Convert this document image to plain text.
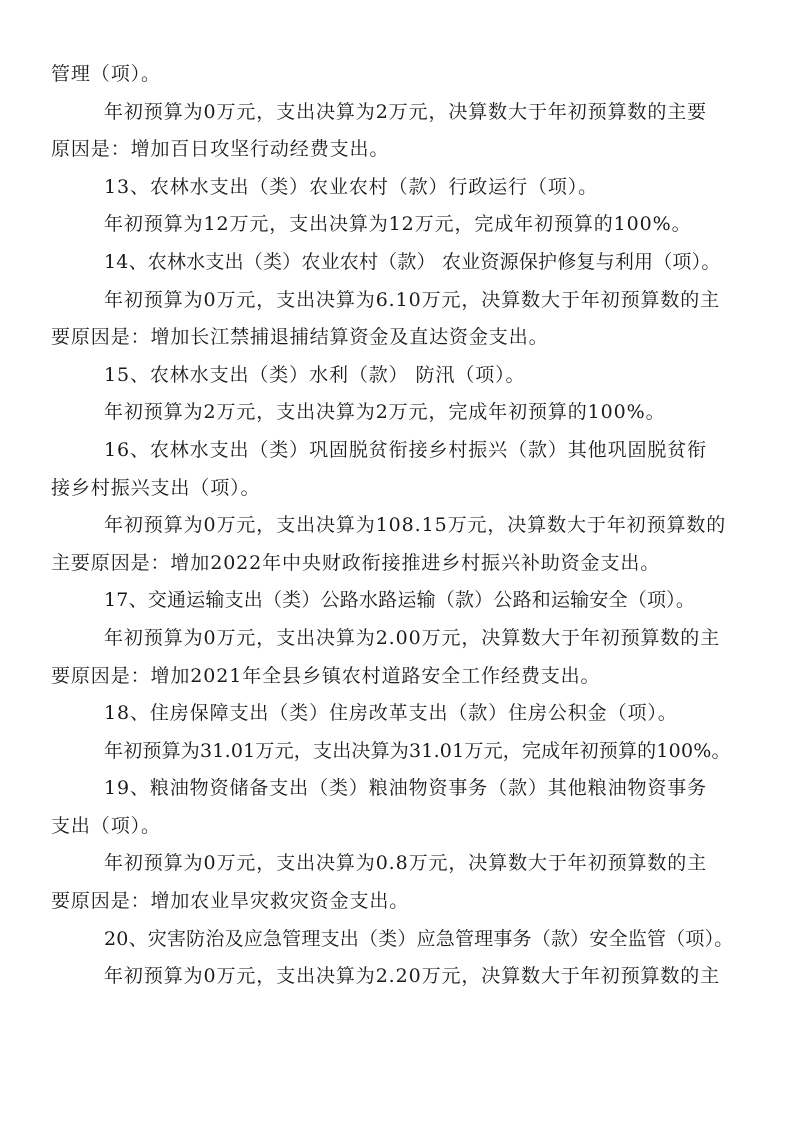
管理（项）。
年初预算为0万元，支出决算为2万元，决算数大于年初预算数的主要
原因是：增加百日攻坚行动经费支出。
13、农林水支出（类）农业农村（款）行政运行（项）。
年初预算为12万元，支出决算为12万元，完成年初预算的100%。
14、农林水支出（类）农业农村（款） 农业资源保护修复与利用（项）。
年初预算为0万元，支出决算为6.10万元，决算数大于年初预算数的主
要原因是：增加长江禁捕退捕结算资金及直达资金支出。
15、农林水支出（类）水利（款） 防汛（项）。
年初预算为2万元，支出决算为2万元，完成年初预算的100%。
16、农林水支出（类）巩固脱贫衔接乡村振兴（款）其他巩固脱贫衔
接乡村振兴支出（项）。
年初预算为0万元，支出决算为108.15万元，决算数大于年初预算数的
主要原因是：增加2022年中央财政衔接推进乡村振兴补助资金支出。
17、交通运输支出（类）公路水路运输（款）公路和运输安全（项）。
年初预算为0万元，支出决算为2.00万元，决算数大于年初预算数的主
要原因是：增加2021年全县乡镇农村道路安全工作经费支出。
18、住房保障支出（类）住房改革支出（款）住房公积金（项）。
年初预算为31.01万元，支出决算为31.01万元，完成年初预算的100%。
19、粮油物资储备支出（类）粮油物资事务（款）其他粮油物资事务
支出（项）。
年初预算为0万元，支出决算为0.8万元，决算数大于年初预算数的主
要原因是：增加农业旱灾救灾资金支出。
20、灾害防治及应急管理支出（类）应急管理事务（款）安全监管（项）。
年初预算为0万元，支出决算为2.20万元，决算数大于年初预算数的主
